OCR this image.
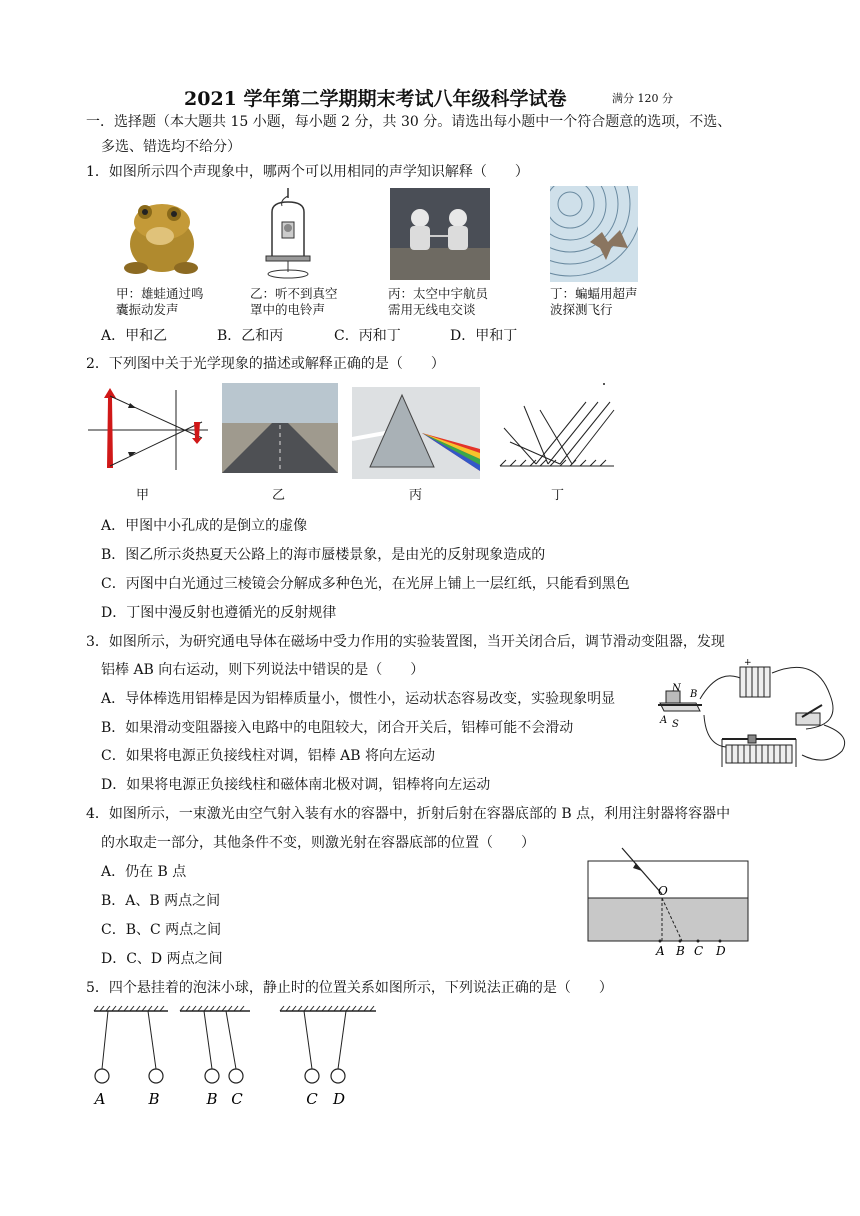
2021 学年第二学期期末考试八年级科学试卷	满分 120 分
一．选择题（本大题共 15 小题，每小题 2 分，共 30 分。请选出每小题中一个符合题意的选项，不选、
多选、错选均不给分）
1．如图所示四个声现象中，哪两个可以用相同的声学知识解释（　　）
甲：雄蛙通过鸣
囊振动发声
乙：听不到真空
罩中的电铃声
丙：太空中宇航员
需用无线电交谈
丁：蝙蝠用超声
波探测飞行
A．甲和乙	B．乙和丙	C．丙和丁	D．甲和丁
2．下列图中关于光学现象的描述或解释正确的是（　　）
甲	乙	丙	丁
A．甲图中小孔成的是倒立的虚像
B．图乙所示炎热夏天公路上的海市蜃楼景象，是由光的反射现象造成的
C．丙图中白光通过三棱镜会分解成多种色光，在光屏上铺上一层红纸，只能看到黑色
D．丁图中漫反射也遵循光的反射规律
3．如图所示，为研究通电导体在磁场中受力作用的实验装置图，当开关闭合后，调节滑动变阻器，发现
铝棒 AB 向右运动，则下列说法中错误的是（　　）
A．导体棒选用铝棒是因为铝棒质量小，惯性小，运动状态容易改变，实验现象明显
B．如果滑动变阻器接入电路中的电阻较大，闭合开关后，铝棒可能不会滑动
C．如果将电源正负接线柱对调，铝棒 AB 将向左运动
D．如果将电源正负接线柱和磁体南北极对调，铝棒将向左运动
+
N
B
A S
4．如图所示，一束激光由空气射入装有水的容器中，折射后射在容器底部的 B 点，利用注射器将容器中
的水取走一部分，其他条件不变，则激光射在容器底部的位置（　　）
A．仍在 B 点
B．A、B 两点之间
C．B、C 两点之间
D．C、D 两点之间
O
A B C D
5．四个悬挂着的泡沫小球，静止时的位置关系如图所示，下列说法正确的是（　　）
A	B	B C	C D
